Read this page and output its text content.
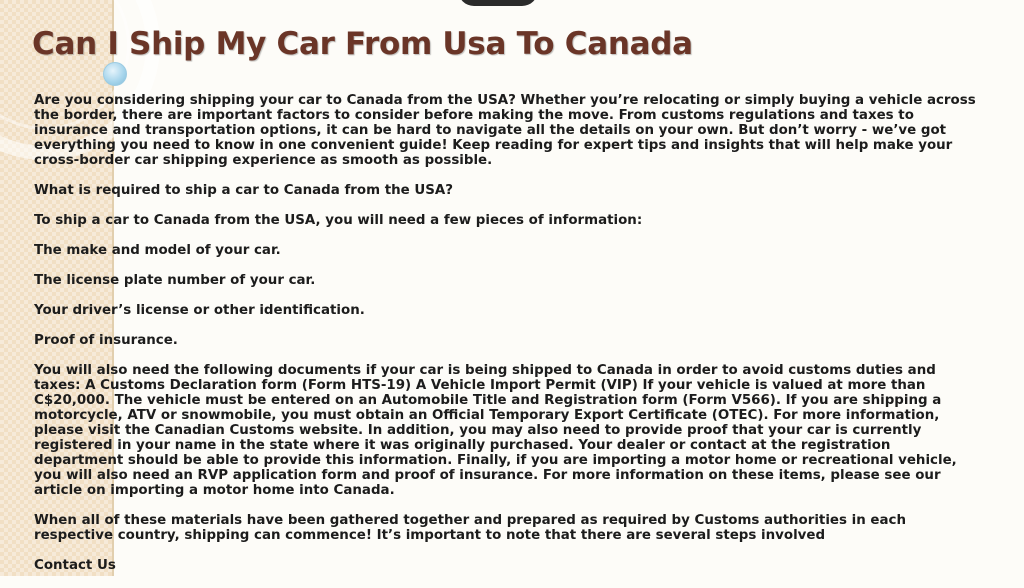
Can I Ship My Car From Usa To Canada

Are you considering shipping your car to Canada from the USA? Whether you’re relocating or simply buying a vehicle across the border, there are important factors to consider before making the move. From customs regulations and taxes to insurance and transportation options, it can be hard to navigate all the details on your own. But don’t worry - we’ve got everything you need to know in one convenient guide! Keep reading for expert tips and insights that will help make your cross-border car shipping experience as smooth as possible.

What is required to ship a car to Canada from the USA?

To ship a car to Canada from the USA, you will need a few pieces of information:

The make and model of your car.

The license plate number of your car.

Your driver’s license or other identification.

Proof of insurance.

You will also need the following documents if your car is being shipped to Canada in order to avoid customs duties and taxes: A Customs Declaration form (Form HTS-19) A Vehicle Import Permit (VIP) If your vehicle is valued at more than C$20,000. The vehicle must be entered on an Automobile Title and Registration form (Form V566). If you are shipping a motorcycle, ATV or snowmobile, you must obtain an Official Temporary Export Certificate (OTEC). For more information, please visit the Canadian Customs website. In addition, you may also need to provide proof that your car is currently registered in your name in the state where it was originally purchased. Your dealer or contact at the registration department should be able to provide this information. Finally, if you are importing a motor home or recreational vehicle, you will also need an RVP application form and proof of insurance. For more information on these items, please see our article on importing a motor home into Canada.

When all of these materials have been gathered together and prepared as required by Customs authorities in each respective country, shipping can commence! It’s important to note that there are several steps involved

Contact Us
